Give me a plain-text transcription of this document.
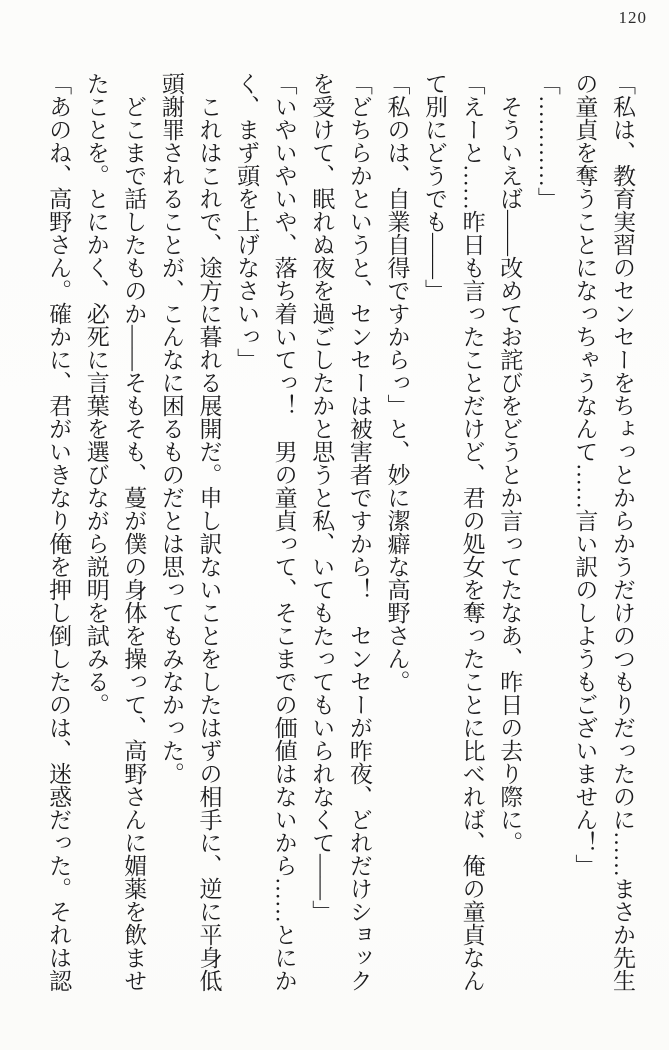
120

「私は、教育実習のセンセーをちょっとからかうだけのつもりだったのに……まさか先生

の童貞を奪うことになっちゃうなんて……言い訳のしようもございません！」

「…………」

そういえば――改めてお詫びをどうとか言ってたなあ、昨日の去り際に。

「えーと……昨日も言ったことだけど、君の処女を奪ったことに比べれば、俺の童貞なん

て別にどうでも――」

「私のは、自業自得ですからっ」と、妙に潔癖な高野さん。

「どちらかというと、センセーは被害者ですから！　センセーが昨夜、どれだけショック

を受けて、眠れぬ夜を過ごしたかと思うと私、いてもたってもいられなくて――」

「いやいやいや、落ち着いてっ！　男の童貞って、そこまでの価値はないから……とにか

く、まず頭を上げなさいっ」

これはこれで、途方に暮れる展開だ。申し訳ないことをしたはずの相手に、逆に平身低

頭謝罪されることが、こんなに困るものだとは思ってもみなかった。

どこまで話したものか――そもそも、蔓が僕の身体を操って、高野さんに媚薬を飲ませ

たことを。とにかく、必死に言葉を選びながら説明を試みる。

「あのね、高野さん。確かに、君がいきなり俺を押し倒したのは、迷惑だった。それは認
